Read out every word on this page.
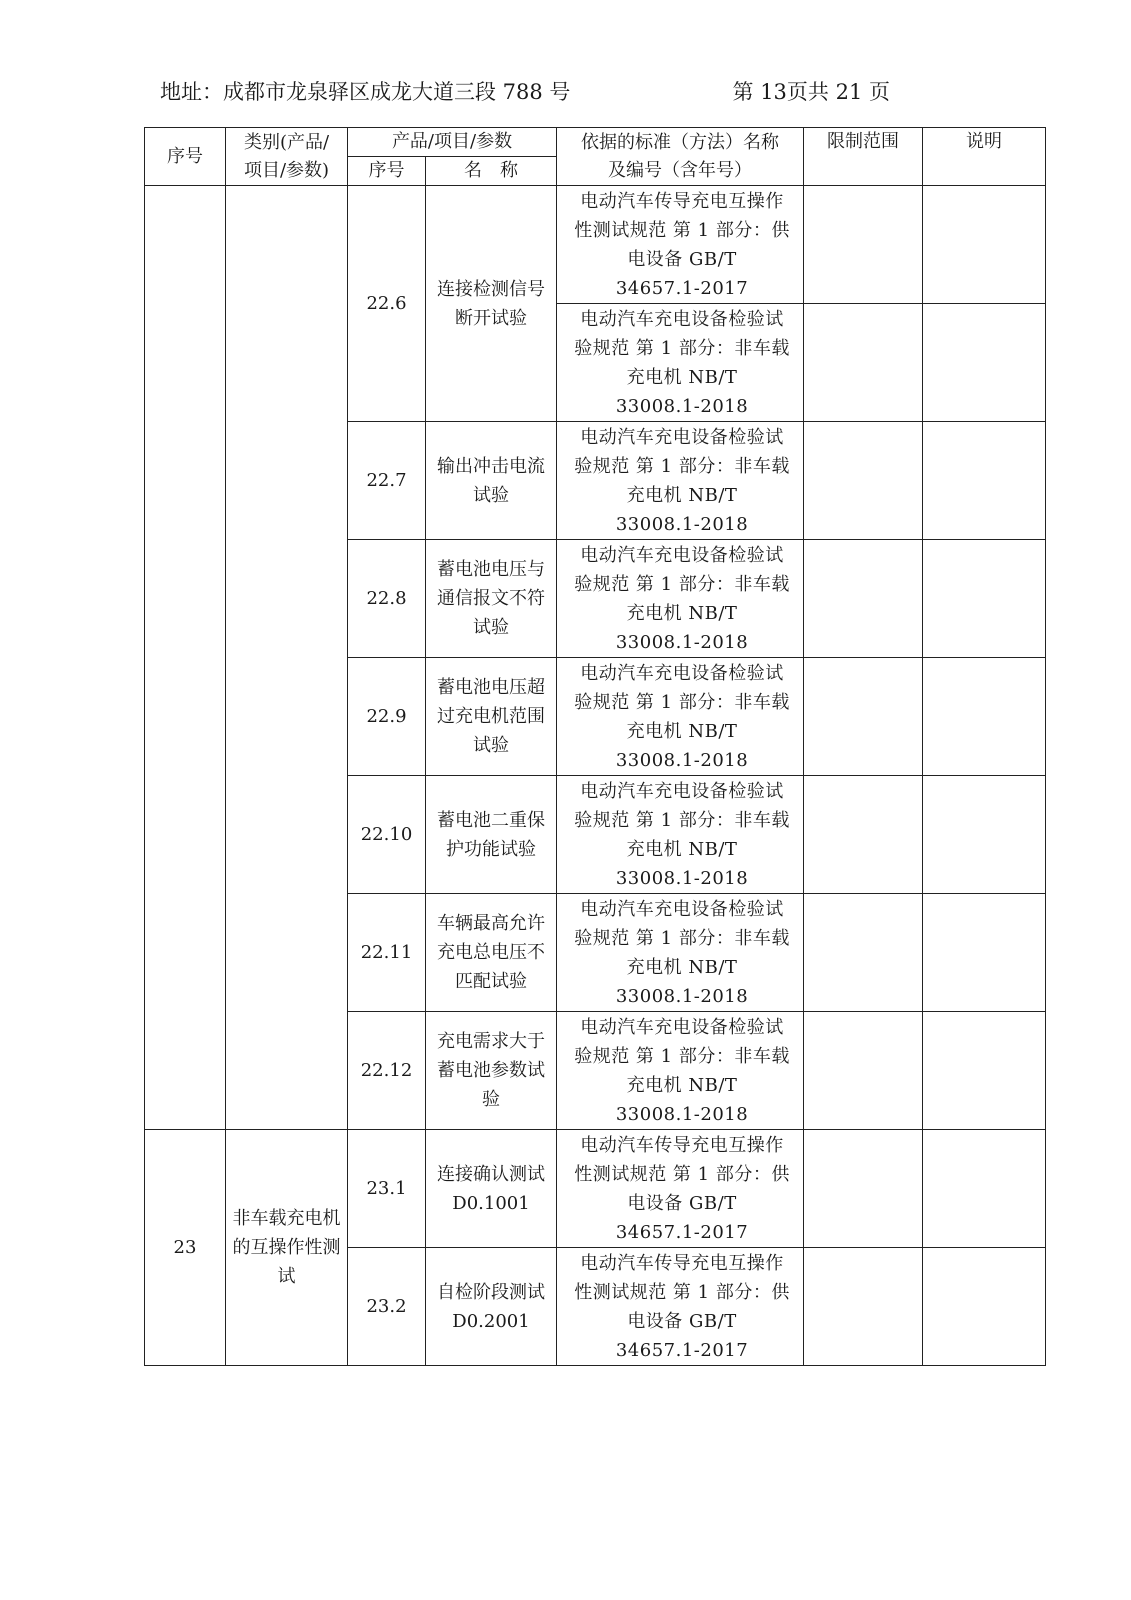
地址：成都市龙泉驿区成龙大道三段 788 号	第 13页共 21 页
序号	类别(产品/
项目/参数)	产品/项目/参数		依据的标准（方法）名称
及编号（含年号）	限制范围	说明
		序号	名　称			
		22.6	连接检测信号断开试验	电动汽车传导充电互操作
性测试规范 第 1 部分：供
电设备 GB/T
34657.1-2017		

				电动汽车充电设备检验试
验规范 第 1 部分：非车载
充电机 NB/T
33008.1-2018		

		22.7	输出冲击电流试验	电动汽车充电设备检验试
验规范 第 1 部分：非车载
充电机 NB/T
33008.1-2018		

		22.8	蓄电池电压与通信报文不符试验	电动汽车充电设备检验试
验规范 第 1 部分：非车载
充电机 NB/T
33008.1-2018		

		22.9	蓄电池电压超过充电机范围试验	电动汽车充电设备检验试
验规范 第 1 部分：非车载
充电机 NB/T
33008.1-2018		

		22.10	蓄电池二重保护功能试验	电动汽车充电设备检验试
验规范 第 1 部分：非车载
充电机 NB/T
33008.1-2018		

		22.11	车辆最高允许充电总电压不匹配试验	电动汽车充电设备检验试
验规范 第 1 部分：非车载
充电机 NB/T
33008.1-2018		

		22.12	充电需求大于蓄电池参数试验	电动汽车充电设备检验试
验规范 第 1 部分：非车载
充电机 NB/T
33008.1-2018		

23	非车载充电机的互操作性测试	23.1	连接确认测试 D0.1001	电动汽车传导充电互操作
性测试规范 第 1 部分：供
电设备 GB/T
34657.1-2017		

		23.2	自检阶段测试 D0.2001	电动汽车传导充电互操作
性测试规范 第 1 部分：供
电设备 GB/T
34657.1-2017		
